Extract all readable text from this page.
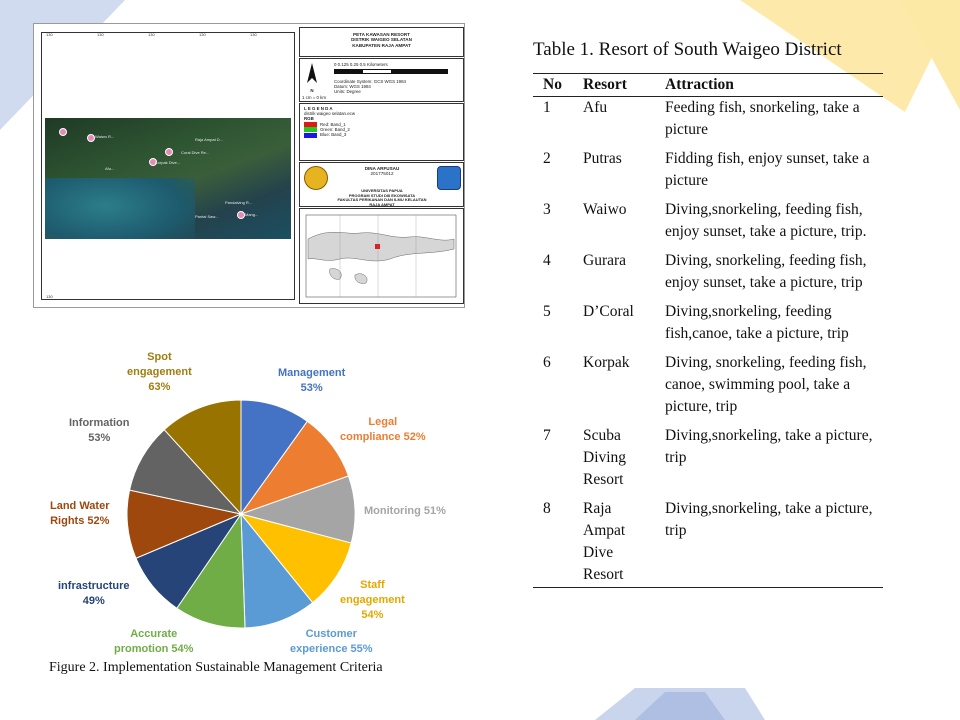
130	130	130	130	130
130
Waiwo R...
Raja Ampat D...
Coral Dive Re...
Korpak Dive...
Afu...
Pandaiving R...
Pantai Saw...	Mang...
PETA KAWASAN RESORT
DISTRIK WAIGEO SELATAN
KABUPATEN RAJA AMPAT
N
0 0.125 0.25 0.5 Kilometers
1 cm = 0 km
Coordinate System: GCS WGS 1984
Datum: WGS 1984
Units: Degree
L E G E N D A
distrik waigeo selatan.ecw
RGB
Red: Band_1
Green: Band_2
Blue: Band_3
DINA ARFUSAU
201775012
UNIVERSITAS PAPUA
PROGRAM STUDI DIII EKOWISATA
FAKULTAS PERIKANAN DAN ILMU KELAUTAN
RAJA AMPAT
Management
53%
Legal
compliance 52%
Monitoring 51%
Staff
engagement
54%
Customer
experience 55%
Accurate
promotion 54%
infrastructure
49%
Land Water
Rights 52%
Information
53%
Spot
engagement
63%
Figure 2. Implementation Sustainable Management Criteria
Table 1. Resort of South Waigeo District
No	Resort	Attraction
1	Afu	Feeding fish, snorkeling, take a picture
2	Putras	Fidding fish, enjoy sunset, take a picture
3	Waiwo	Diving,snorkeling, feeding fish, enjoy sunset, take a picture, trip.
4	Gurara	Diving, snorkeling, feeding fish, enjoy sunset, take a picture, trip
5	D’Coral	Diving,snorkeling, feeding fish,canoe, take a picture, trip
6	Korpak	Diving, snorkeling, feeding fish, canoe, swimming pool, take a picture, trip
7	Scuba Diving Resort	Diving,snorkeling, take a picture, trip
8	Raja Ampat Dive Resort	Diving,snorkeling, take a picture, trip
